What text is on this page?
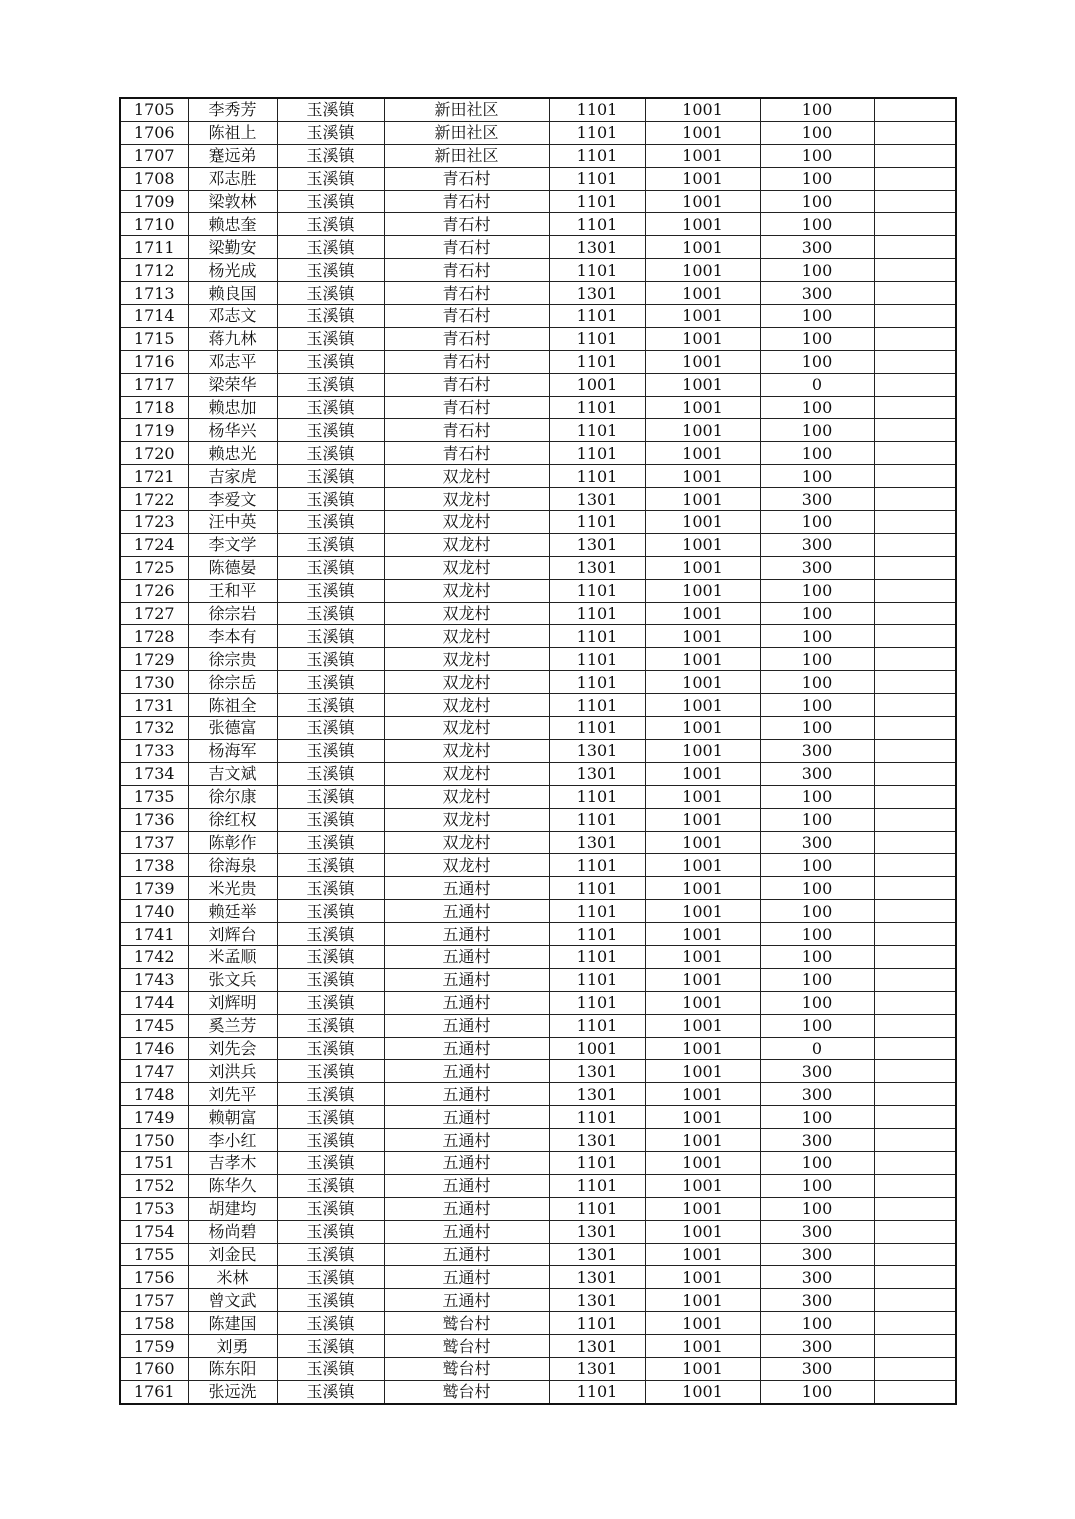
1705	李秀芳	玉溪镇	新田社区	1101	1001	100	
1706	陈祖上	玉溪镇	新田社区	1101	1001	100	
1707	蹇远弟	玉溪镇	新田社区	1101	1001	100	
1708	邓志胜	玉溪镇	青石村	1101	1001	100	
1709	梁敦林	玉溪镇	青石村	1101	1001	100	
1710	赖忠奎	玉溪镇	青石村	1101	1001	100	
1711	梁勤安	玉溪镇	青石村	1301	1001	300	
1712	杨光成	玉溪镇	青石村	1101	1001	100	
1713	赖良国	玉溪镇	青石村	1301	1001	300	
1714	邓志文	玉溪镇	青石村	1101	1001	100	
1715	蒋九林	玉溪镇	青石村	1101	1001	100	
1716	邓志平	玉溪镇	青石村	1101	1001	100	
1717	梁荣华	玉溪镇	青石村	1001	1001	0	
1718	赖忠加	玉溪镇	青石村	1101	1001	100	
1719	杨华兴	玉溪镇	青石村	1101	1001	100	
1720	赖忠光	玉溪镇	青石村	1101	1001	100	
1721	吉家虎	玉溪镇	双龙村	1101	1001	100	
1722	李爱文	玉溪镇	双龙村	1301	1001	300	
1723	汪中英	玉溪镇	双龙村	1101	1001	100	
1724	李文学	玉溪镇	双龙村	1301	1001	300	
1725	陈德晏	玉溪镇	双龙村	1301	1001	300	
1726	王和平	玉溪镇	双龙村	1101	1001	100	
1727	徐宗岩	玉溪镇	双龙村	1101	1001	100	
1728	李本有	玉溪镇	双龙村	1101	1001	100	
1729	徐宗贵	玉溪镇	双龙村	1101	1001	100	
1730	徐宗岳	玉溪镇	双龙村	1101	1001	100	
1731	陈祖全	玉溪镇	双龙村	1101	1001	100	
1732	张德富	玉溪镇	双龙村	1101	1001	100	
1733	杨海军	玉溪镇	双龙村	1301	1001	300	
1734	吉文斌	玉溪镇	双龙村	1301	1001	300	
1735	徐尔康	玉溪镇	双龙村	1101	1001	100	
1736	徐红权	玉溪镇	双龙村	1101	1001	100	
1737	陈彰作	玉溪镇	双龙村	1301	1001	300	
1738	徐海泉	玉溪镇	双龙村	1101	1001	100	
1739	米光贵	玉溪镇	五通村	1101	1001	100	
1740	赖廷举	玉溪镇	五通村	1101	1001	100	
1741	刘辉台	玉溪镇	五通村	1101	1001	100	
1742	米孟顺	玉溪镇	五通村	1101	1001	100	
1743	张文兵	玉溪镇	五通村	1101	1001	100	
1744	刘辉明	玉溪镇	五通村	1101	1001	100	
1745	奚兰芳	玉溪镇	五通村	1101	1001	100	
1746	刘先会	玉溪镇	五通村	1001	1001	0	
1747	刘洪兵	玉溪镇	五通村	1301	1001	300	
1748	刘先平	玉溪镇	五通村	1301	1001	300	
1749	赖朝富	玉溪镇	五通村	1101	1001	100	
1750	李小红	玉溪镇	五通村	1301	1001	300	
1751	吉孝木	玉溪镇	五通村	1101	1001	100	
1752	陈华久	玉溪镇	五通村	1101	1001	100	
1753	胡建均	玉溪镇	五通村	1101	1001	100	
1754	杨尚碧	玉溪镇	五通村	1301	1001	300	
1755	刘金民	玉溪镇	五通村	1301	1001	300	
1756	米林	玉溪镇	五通村	1301	1001	300	
1757	曾文武	玉溪镇	五通村	1301	1001	300	
1758	陈建国	玉溪镇	鹫台村	1101	1001	100	
1759	刘勇	玉溪镇	鹫台村	1301	1001	300	
1760	陈东阳	玉溪镇	鹫台村	1301	1001	300	
1761	张远洗	玉溪镇	鹫台村	1101	1001	100	
